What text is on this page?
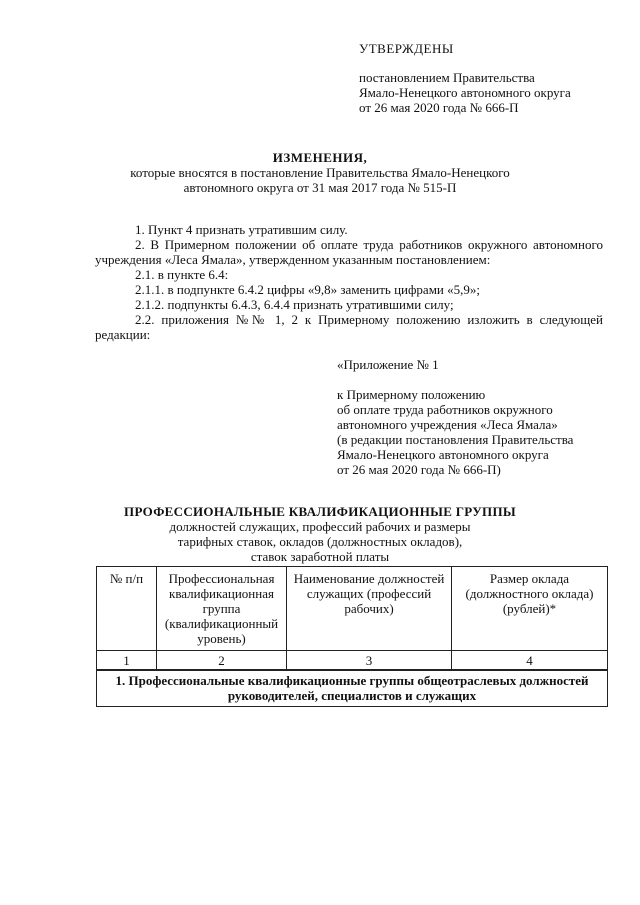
УТВЕРЖДЕНЫ
постановлением Правительства
Ямало-Ненецкого автономного округа
от 26 мая 2020 года № 666-П
ИЗМЕНЕНИЯ,
которые вносятся в постановление Правительства Ямало-Ненецкого
автономного округа от 31 мая 2017 года № 515-П
1. Пункт 4 признать утратившим силу.
2. В Примерном положении об оплате труда работников окружного автономного учреждения «Леса Ямала», утвержденном указанным постановлением:
2.1. в пункте 6.4:
2.1.1. в подпункте 6.4.2 цифры «9,8» заменить цифрами «5,9»;
2.1.2. подпункты 6.4.3, 6.4.4 признать утратившими силу;
2.2. приложения №№ 1, 2 к Примерному положению изложить в следующей редакции:
«Приложение № 1
к Примерному положению
об оплате труда работников окружного
автономного учреждения «Леса Ямала»
(в редакции постановления Правительства
Ямало-Ненецкого автономного округа
от 26 мая 2020 года № 666-П)
ПРОФЕССИОНАЛЬНЫЕ КВАЛИФИКАЦИОННЫЕ ГРУППЫ
должностей служащих, профессий рабочих и размеры
тарифных ставок, окладов (должностных окладов),
ставок заработной платы
№ п/п	Профессиональная квалификационная группа (квалификационный уровень)	Наименование должностей служащих (профессий рабочих)	Размер оклада (должностного оклада) (рублей)*
1	2	3	4
1. Профессиональные квалификационные группы общеотраслевых должностей руководителей, специалистов и служащих			
